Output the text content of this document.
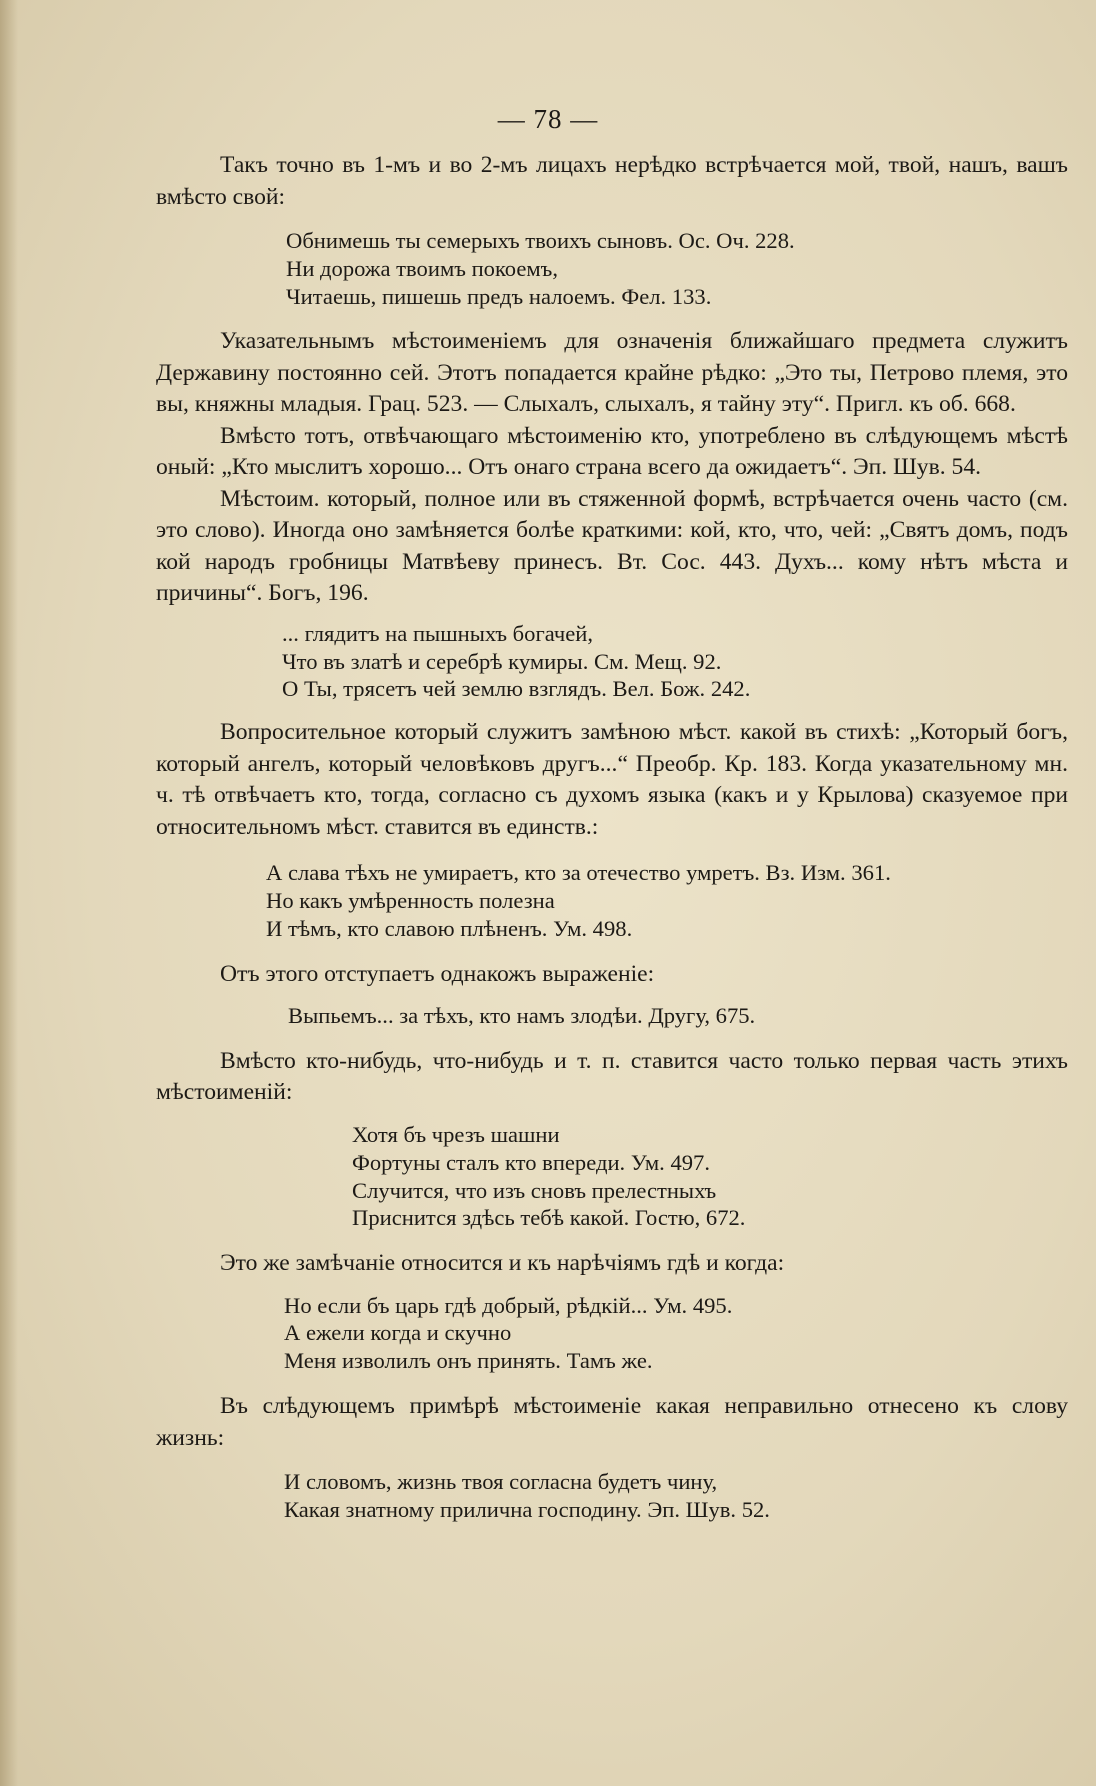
— 78 —

Такъ точно въ 1-мъ и во 2-мъ лицахъ нерѣдко встрѣчается мой, твой, нашъ, вашъ вмѣсто свой:

Обнимешь ты семерыхъ твоихъ сыновъ. Ос. Оч. 228.
Ни дорожа твоимъ покоемъ,
Читаешь, пишешь предъ налоемъ. Фел. 133.

Указательнымъ мѣстоименіемъ для означенія ближайшаго предмета служитъ Державину постоянно сей. Этотъ попадается крайне рѣдко: „Это ты, Петрово племя, это вы, княжны младыя. Грац. 523. — Слыхалъ, слыхалъ, я тайну эту“. Пригл. къ об. 668.

Вмѣсто тотъ, отвѣчающаго мѣстоименію кто, употреблено въ слѣдующемъ мѣстѣ оный: „Кто мыслитъ хорошо... Отъ онаго страна всего да ожидаетъ“. Эп. Шув. 54.

Мѣстоим. который, полное или въ стяженной формѣ, встрѣчается очень часто (см. это слово). Иногда оно замѣняется болѣе краткими: кой, кто, что, чей: „Святъ домъ, подъ кой народъ гробницы Матвѣеву принесъ. Вт. Сос. 443. Духъ... кому нѣтъ мѣста и причины“. Богъ, 196.

... глядитъ на пышныхъ богачей,
Что въ златѣ и серебрѣ кумиры. См. Мещ. 92.
О Ты, трясетъ чей землю взглядъ. Вел. Бож. 242.

Вопросительное который служитъ замѣною мѣст. какой въ стихѣ: „Который богъ, который ангелъ, который человѣковъ другъ...“ Преобр. Кр. 183. Когда указательному мн. ч. тѣ отвѣчаетъ кто, тогда, согласно съ духомъ языка (какъ и у Крылова) сказуемое при относительномъ мѣст. ставится въ единств.:

А слава тѣхъ не умираетъ, кто за отечество умретъ. Вз. Изм. 361.
Но какъ умѣренность полезна
И тѣмъ, кто славою плѣненъ. Ум. 498.

Отъ этого отступаетъ однакожъ выраженіе:

Выпьемъ... за тѣхъ, кто намъ злодѣи. Другу, 675.

Вмѣсто кто-нибудь, что-нибудь и т. п. ставится часто только первая часть этихъ мѣстоименій:

Хотя бъ чрезъ шашни
Фортуны сталъ кто впереди. Ум. 497.
Случится, что изъ сновъ прелестныхъ
Приснится здѣсь тебѣ какой. Гостю, 672.

Это же замѣчаніе относится и къ нарѣчіямъ гдѣ и когда:

Но если бъ царь гдѣ добрый, рѣдкій... Ум. 495.
А ежели когда и скучно
Меня изволилъ онъ принять. Тамъ же.

Въ слѣдующемъ примѣрѣ мѣстоименіе какая неправильно отнесено къ слову жизнь:

И словомъ, жизнь твоя согласна будетъ чину,
Какая знатному прилична господину. Эп. Шув. 52.
